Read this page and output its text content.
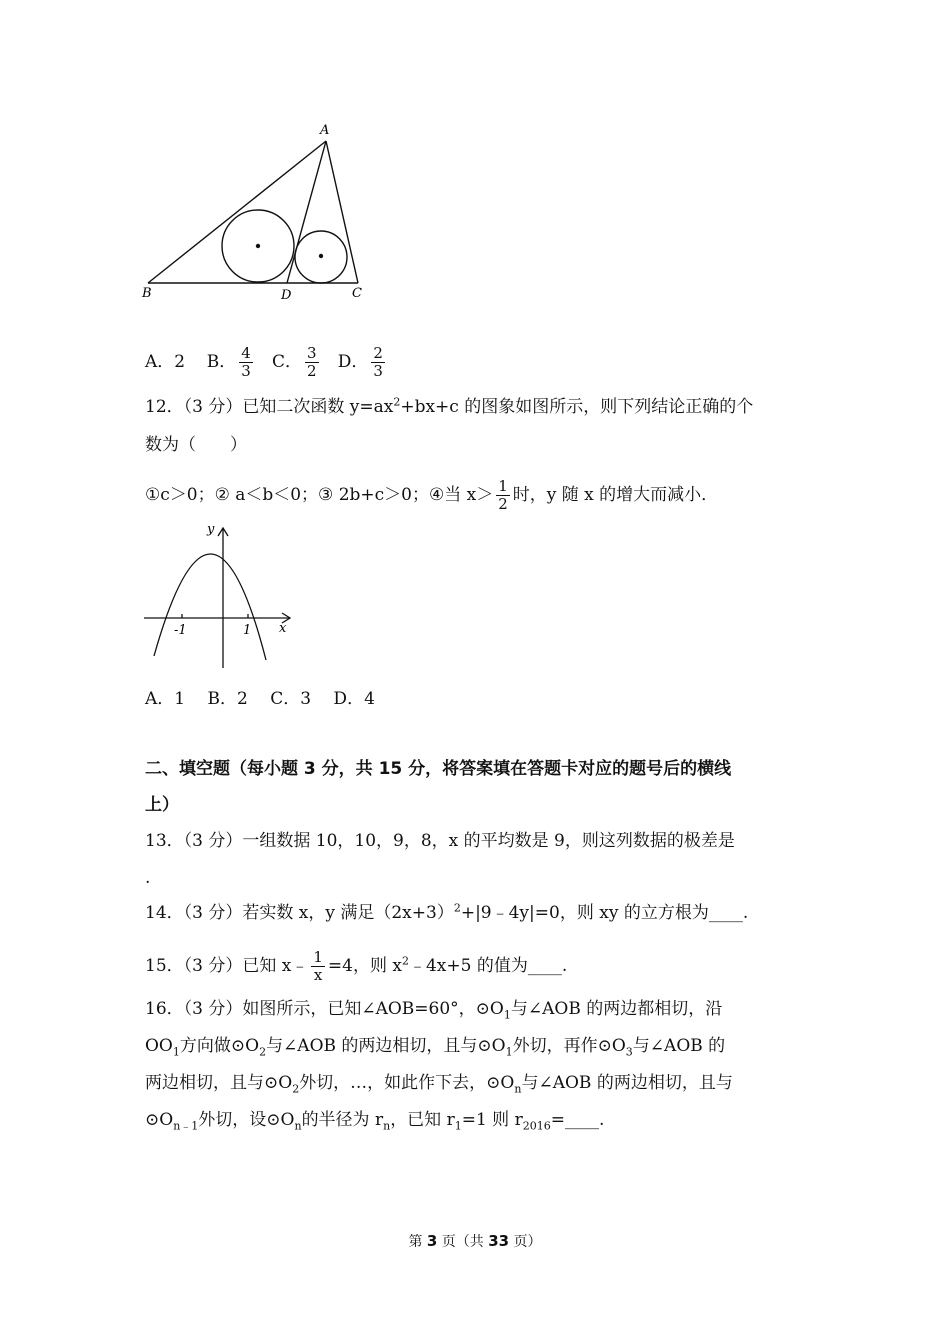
A
B	D	C
A．2 B． $\frac{4}{3}$ C． $\frac{3}{2}$ D． $\frac{2}{3}$
12．（3 分）已知二次函数 $y=ax^2+bx+c$ 的图象如图所示，则下列结论正确的个
数为（　　）
①c＞0；② a＜b＜0；③ 2b+c＞0；④当 $x> \frac{1}{2}$ 时，y 随 x 的增大而减小．
y
x
-1	1
A．1　 B．2　 C．3　 D．4
二、填空题（每小题 3 分，共 15 分，将答案填在答题卡对应的题号后的横线
上）
13．（3 分）一组数据 10，10，9，8，x 的平均数是 9，则这列数据的极差是
.
14．（3 分）若实数 x，y 满足$(2x+3)^2+|9﹣4y|=0$，则 xy 的立方根为____.
15．（3 分）已知 x﹣ $\frac{1}{x} =4$，则 $x^2﹣4x+5$ 的值为____.
16．（3 分）如图所示，已知∠AOB=60°，$⊙O_1$与∠AOB 的两边都相切，沿
$OO_1$方向做$⊙O_2$与∠AOB 的两边相切，且与$⊙O_1$外切，再作$⊙O_3$与∠AOB 的
两边相切，且与$⊙O_2$外切，…，如此作下去，$⊙O_n$与∠AOB 的两边相切，且与
$⊙O_{n﹣1}$外切，设$⊙O_n$的半径为 $r_n$，已知 $r_1=1$ 则 $r_{2016}=\_\_\_\_$.
第 3 页（共 33 页）
